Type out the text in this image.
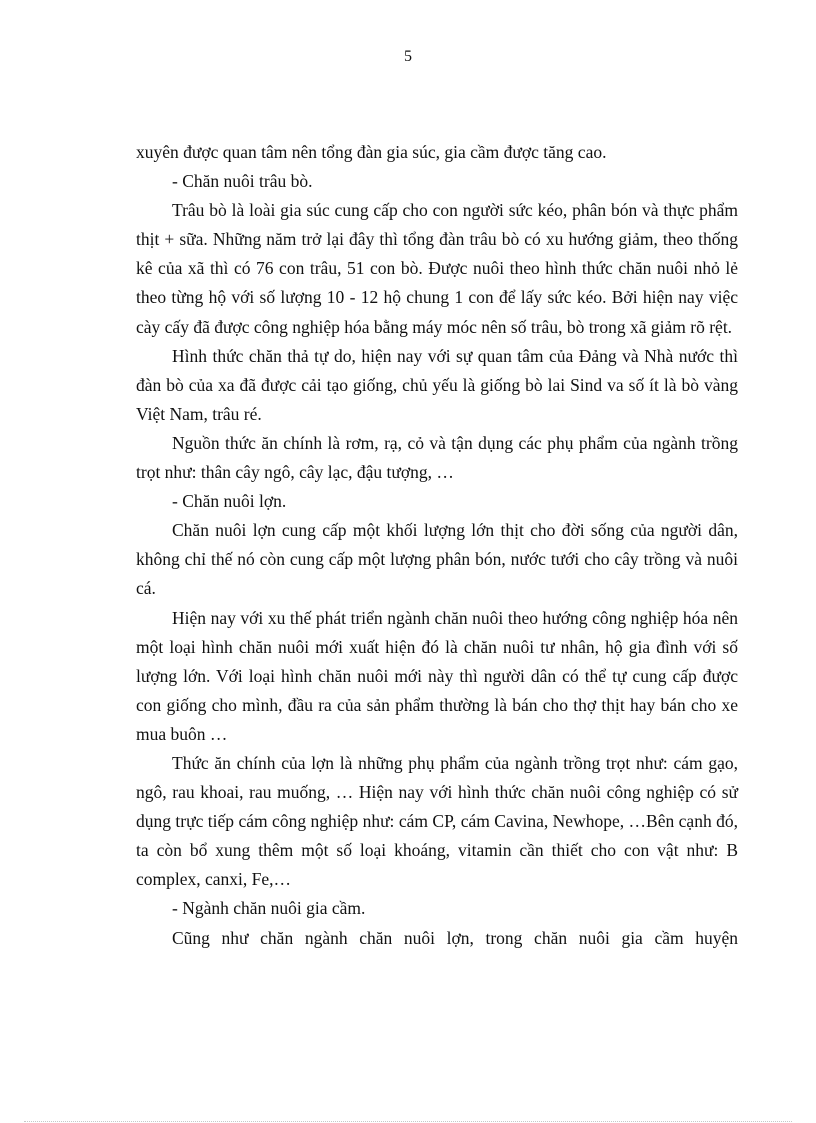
5

xuyên được quan tâm nên tổng đàn gia súc, gia cầm được tăng cao.

- Chăn nuôi trâu bò.

Trâu bò là loài gia súc cung cấp cho con người sức kéo, phân bón và thực phẩm thịt + sữa. Những năm trở lại đây thì tổng đàn trâu bò có xu hướng giảm, theo thống kê của xã thì có 76 con trâu, 51 con bò. Được nuôi theo hình thức chăn nuôi nhỏ lẻ theo từng hộ với số lượng 10 - 12 hộ chung 1 con để lấy sức kéo. Bởi hiện nay việc cày cấy đã được công nghiệp hóa bằng máy móc nên số trâu, bò trong xã giảm rõ rệt.

Hình thức chăn thả tự do, hiện nay với sự quan tâm của Đảng và Nhà nước thì đàn bò của xa đã được cải tạo giống, chủ yếu là giống bò lai Sind va số ít là bò vàng Việt Nam, trâu ré.

Nguồn thức ăn chính là rơm, rạ, cỏ và tận dụng các phụ phẩm của ngành trồng trọt như: thân cây ngô, cây lạc, đậu tượng, …

- Chăn nuôi lợn.

Chăn nuôi lợn cung cấp một khối lượng lớn thịt cho đời sống của người dân, không chỉ thế nó còn cung cấp một lượng phân bón, nước tưới cho cây trồng và nuôi cá.

Hiện nay với xu thế phát triển ngành chăn nuôi theo hướng công nghiệp hóa nên một loại hình chăn nuôi mới xuất hiện đó là chăn nuôi tư nhân, hộ gia đình với số lượng lớn. Với loại hình chăn nuôi mới này thì người dân có thể tự cung cấp được con giống cho mình, đầu ra của sản phẩm thường là bán cho thợ thịt hay bán cho xe mua buôn …

Thức ăn chính của lợn là những phụ phẩm của ngành trồng trọt như: cám gạo, ngô, rau khoai, rau muống, … Hiện nay với hình thức chăn nuôi công nghiệp có sử dụng trực tiếp cám công nghiệp như: cám CP, cám Cavina, Newhope, …Bên cạnh đó, ta còn bổ xung thêm một số loại khoáng, vitamin cần thiết cho con vật như: B complex, canxi, Fe,…

- Ngành chăn nuôi gia cầm.

Cũng như chăn ngành chăn nuôi lợn, trong chăn nuôi gia cầm huyện
